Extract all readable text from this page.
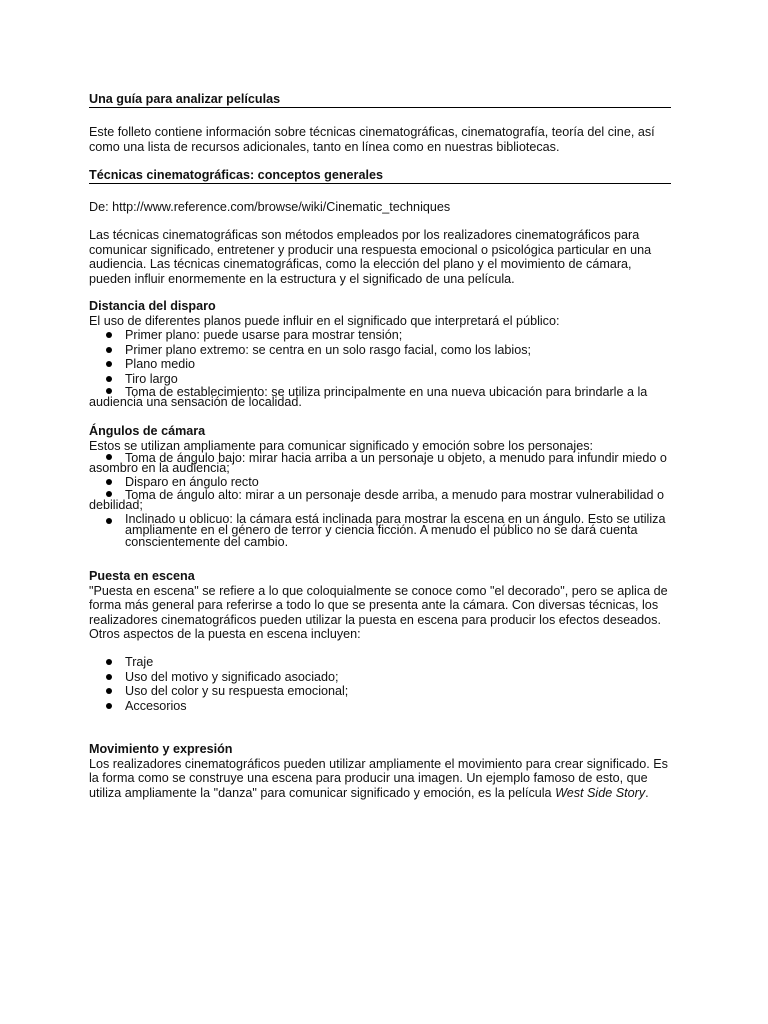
Una guía para analizar películas

Este folleto contiene información sobre técnicas cinematográficas, cinematografía, teoría del cine, así como una lista de recursos adicionales, tanto en línea como en nuestras bibliotecas.

Técnicas cinematográficas: conceptos generales

De: http://www.reference.com/browse/wiki/Cinematic_techniques

Las técnicas cinematográficas son métodos empleados por los realizadores cinematográficos para comunicar significado, entretener y producir una respuesta emocional o psicológica particular en una audiencia. Las técnicas cinematográficas, como la elección del plano y el movimiento de cámara, pueden influir enormemente en la estructura y el significado de una película.

Distancia del disparo

El uso de diferentes planos puede influir en el significado que interpretará el público:

Primer plano: puede usarse para mostrar tensión;
Primer plano extremo: se centra en un solo rasgo facial, como los labios;
Plano medio
Tiro largo
Toma de establecimiento: se utiliza principalmente en una nueva ubicación para brindarle a la audiencia una sensación de localidad.
Ángulos de cámara

Estos se utilizan ampliamente para comunicar significado y emoción sobre los personajes:

Toma de ángulo bajo: mirar hacia arriba a un personaje u objeto, a menudo para infundir miedo o asombro en la audiencia;
Disparo en ángulo recto
Toma de ángulo alto: mirar a un personaje desde arriba, a menudo para mostrar vulnerabilidad o debilidad;
Inclinado u oblicuo: la cámara está inclinada para mostrar la escena en un ángulo. Esto se utiliza ampliamente en el género de terror y ciencia ficción. A menudo el público no se dará cuenta conscientemente del cambio.
Puesta en escena

"Puesta en escena" se refiere a lo que coloquialmente se conoce como "el decorado", pero se aplica de forma más general para referirse a todo lo que se presenta ante la cámara. Con diversas técnicas, los realizadores cinematográficos pueden utilizar la puesta en escena para producir los efectos deseados. Otros aspectos de la puesta en escena incluyen:

Traje
Uso del motivo y significado asociado;
Uso del color y su respuesta emocional;
Accesorios
Movimiento y expresión

Los realizadores cinematográficos pueden utilizar ampliamente el movimiento para crear significado. Es la forma como se construye una escena para producir una imagen. Un ejemplo famoso de esto, que utiliza ampliamente la "danza" para comunicar significado y emoción, es la película West Side Story.
